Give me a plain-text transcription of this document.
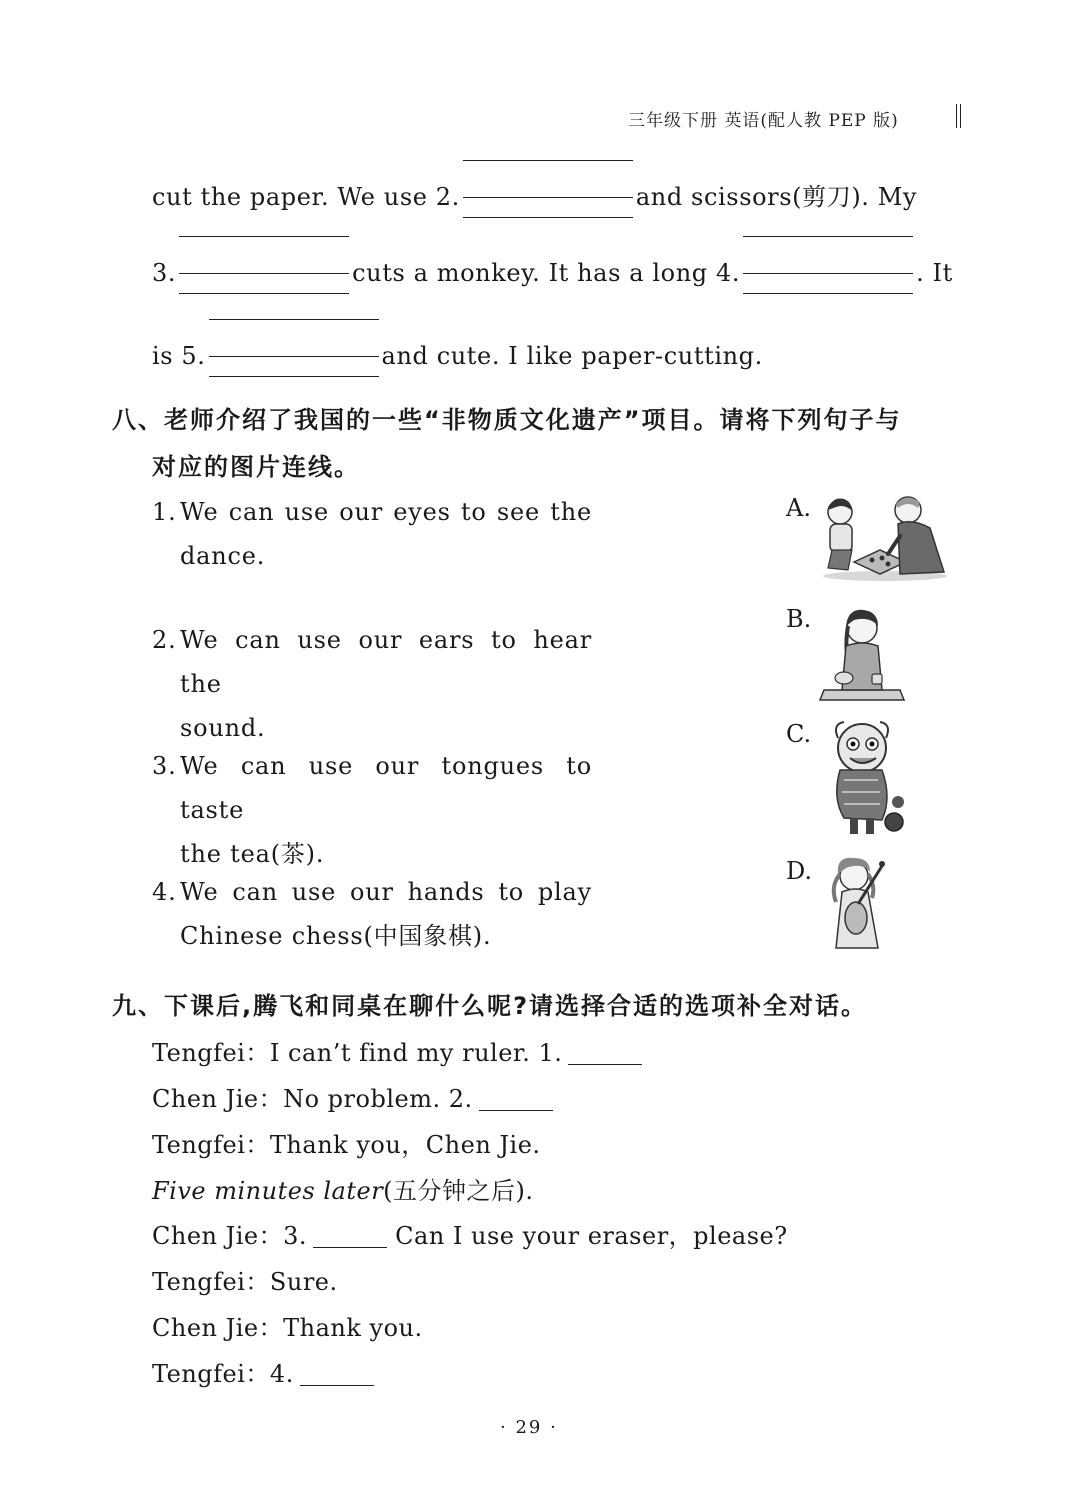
三年级下册 英语(配人教 PEP 版)
cut the paper. We use 2.	and scissors(剪刀). My
3.	cuts a monkey. It has a long 4.	. It
is 5.	and cute. I like paper-cutting.
八、老师介绍了我国的一些“非物质文化遗产”项目。请将下列句子与
对应的图片连线。
1. We can use our eyes to see the
dance.
2. We can use our ears to hear the
sound.
3. We can use our tongues to taste
the tea(茶).
4. We can use our hands to play
Chinese chess(中国象棋).
A.
B.
C.
D.
九、下课后,腾飞和同桌在聊什么呢?请选择合适的选项补全对话。
Tengfei：I can’t find my ruler. 1.
Chen Jie：No problem. 2.
Tengfei：Thank you，Chen Jie.
Five minutes later(五分钟之后).
Chen Jie：3.	Can I use your eraser，please?
Tengfei：Sure.
Chen Jie：Thank you.
Tengfei：4.
· 29 ·
